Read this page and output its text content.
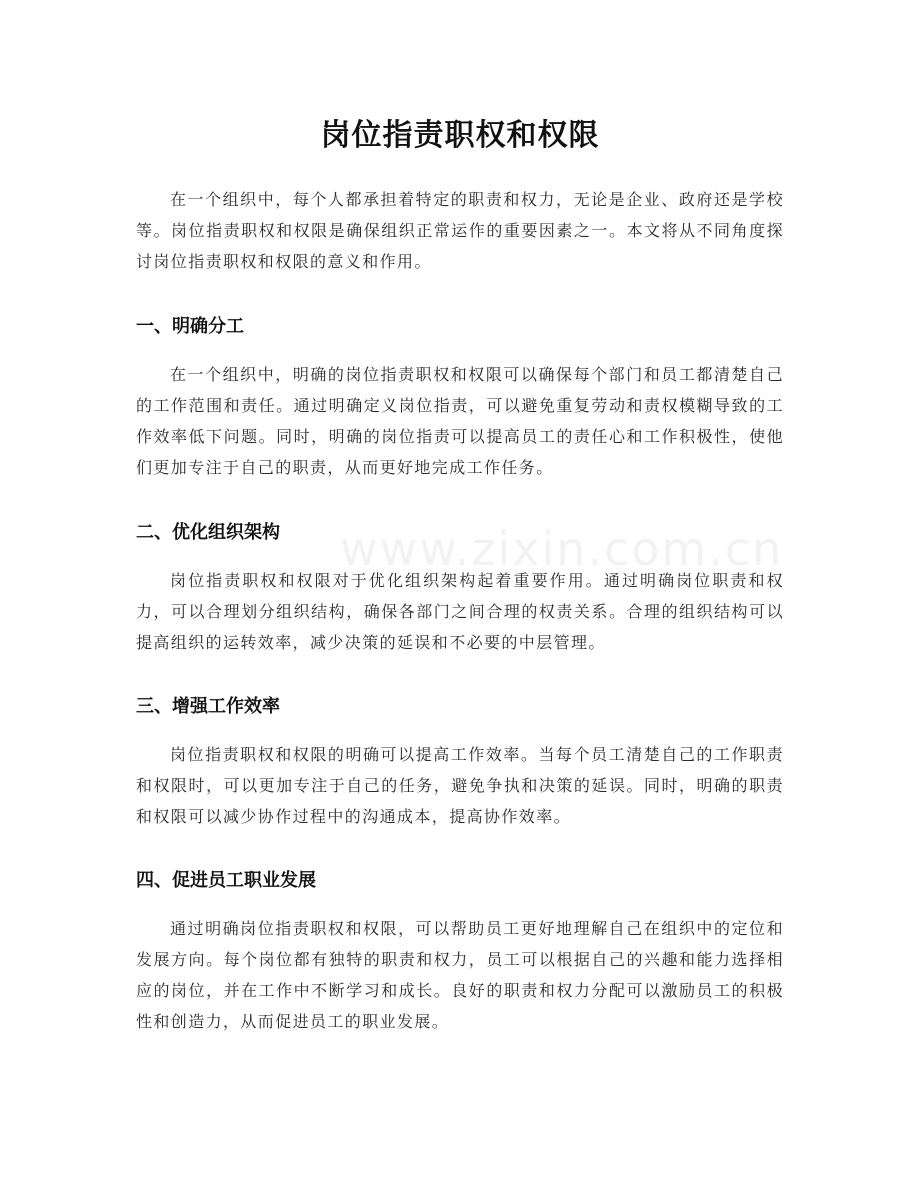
www.zixin.com.cn
岗位指责职权和权限

在一个组织中，每个人都承担着特定的职责和权力，无论是企业、政府还是学校等。岗位指责职权和权限是确保组织正常运作的重要因素之一。本文将从不同角度探讨岗位指责职权和权限的意义和作用。

一、明确分工

在一个组织中，明确的岗位指责职权和权限可以确保每个部门和员工都清楚自己的工作范围和责任。通过明确定义岗位指责，可以避免重复劳动和责权模糊导致的工作效率低下问题。同时，明确的岗位指责可以提高员工的责任心和工作积极性，使他们更加专注于自己的职责，从而更好地完成工作任务。

二、优化组织架构

岗位指责职权和权限对于优化组织架构起着重要作用。通过明确岗位职责和权力，可以合理划分组织结构，确保各部门之间合理的权责关系。合理的组织结构可以提高组织的运转效率，减少决策的延误和不必要的中层管理。

三、增强工作效率

岗位指责职权和权限的明确可以提高工作效率。当每个员工清楚自己的工作职责和权限时，可以更加专注于自己的任务，避免争执和决策的延误。同时，明确的职责和权限可以减少协作过程中的沟通成本，提高协作效率。

四、促进员工职业发展

通过明确岗位指责职权和权限，可以帮助员工更好地理解自己在组织中的定位和发展方向。每个岗位都有独特的职责和权力，员工可以根据自己的兴趣和能力选择相应的岗位，并在工作中不断学习和成长。良好的职责和权力分配可以激励员工的积极性和创造力，从而促进员工的职业发展。
